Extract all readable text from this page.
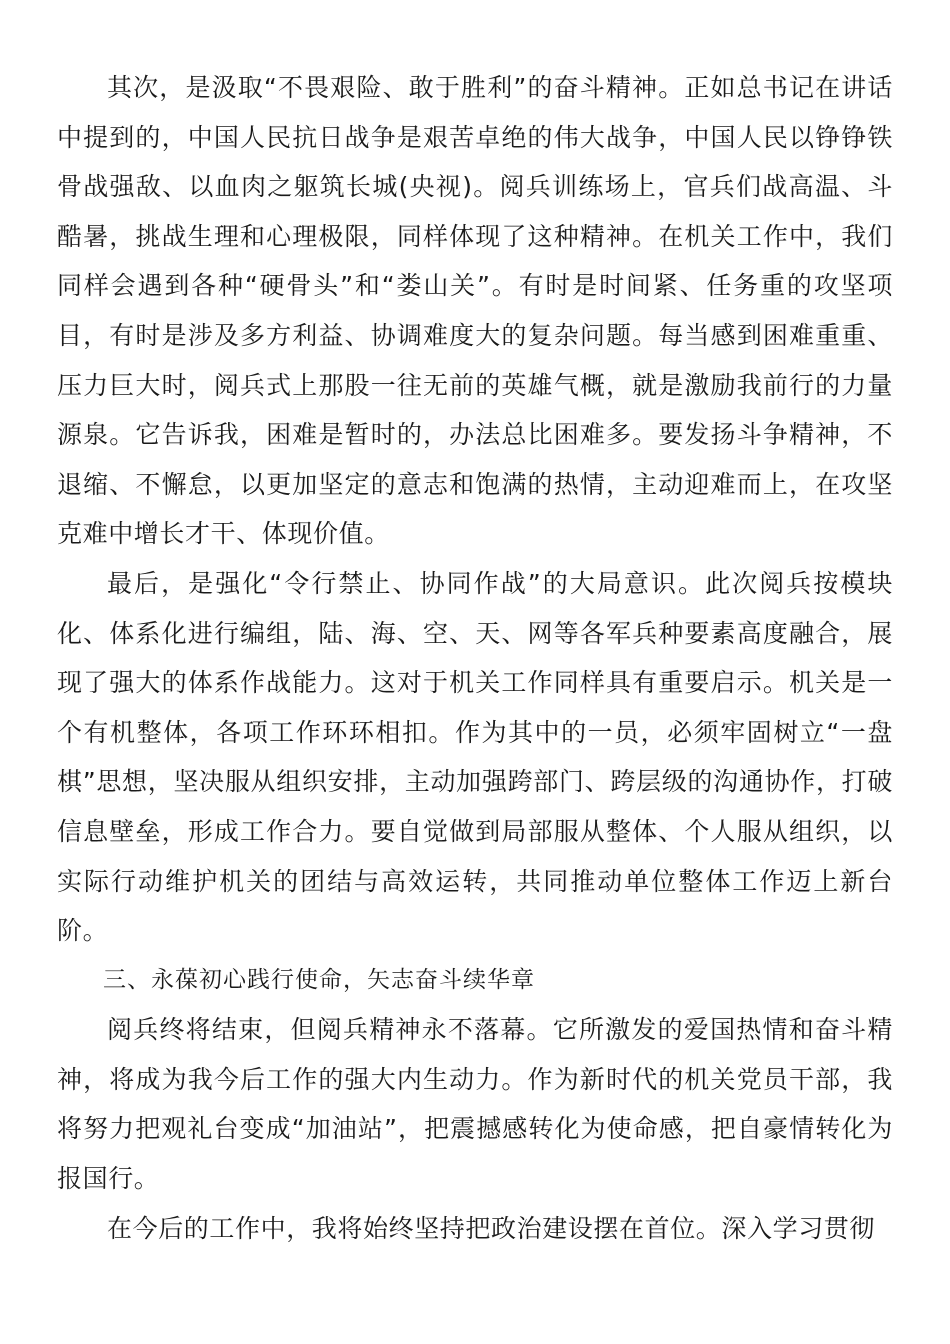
其次，是汲取“不畏艰险、敢于胜利”的奋斗精神。正如总书记在讲话中提到的，中国人民抗日战争是艰苦卓绝的伟大战争，中国人民以铮铮铁骨战强敌、以血肉之躯筑长城(央视)。阅兵训练场上，官兵们战高温、斗酷暑，挑战生理和心理极限，同样体现了这种精神。在机关工作中，我们同样会遇到各种“硬骨头”和“娄山关”。有时是时间紧、任务重的攻坚项目，有时是涉及多方利益、协调难度大的复杂问题。每当感到困难重重、压力巨大时，阅兵式上那股一往无前的英雄气概，就是激励我前行的力量源泉。它告诉我，困难是暂时的，办法总比困难多。要发扬斗争精神，不退缩、不懈怠，以更加坚定的意志和饱满的热情，主动迎难而上，在攻坚克难中增长才干、体现价值。

最后，是强化“令行禁止、协同作战”的大局意识。此次阅兵按模块化、体系化进行编组，陆、海、空、天、网等各军兵种要素高度融合，展现了强大的体系作战能力。这对于机关工作同样具有重要启示。机关是一个有机整体，各项工作环环相扣。作为其中的一员，必须牢固树立“一盘棋”思想，坚决服从组织安排，主动加强跨部门、跨层级的沟通协作，打破信息壁垒，形成工作合力。要自觉做到局部服从整体、个人服从组织，以实际行动维护机关的团结与高效运转，共同推动单位整体工作迈上新台阶。

三、永葆初心践行使命，矢志奋斗续华章

阅兵终将结束，但阅兵精神永不落幕。它所激发的爱国热情和奋斗精神，将成为我今后工作的强大内生动力。作为新时代的机关党员干部，我将努力把观礼台变成“加油站”，把震撼感转化为使命感，把自豪情转化为报国行。

在今后的工作中，我将始终坚持把政治建设摆在首位。深入学习贯彻
